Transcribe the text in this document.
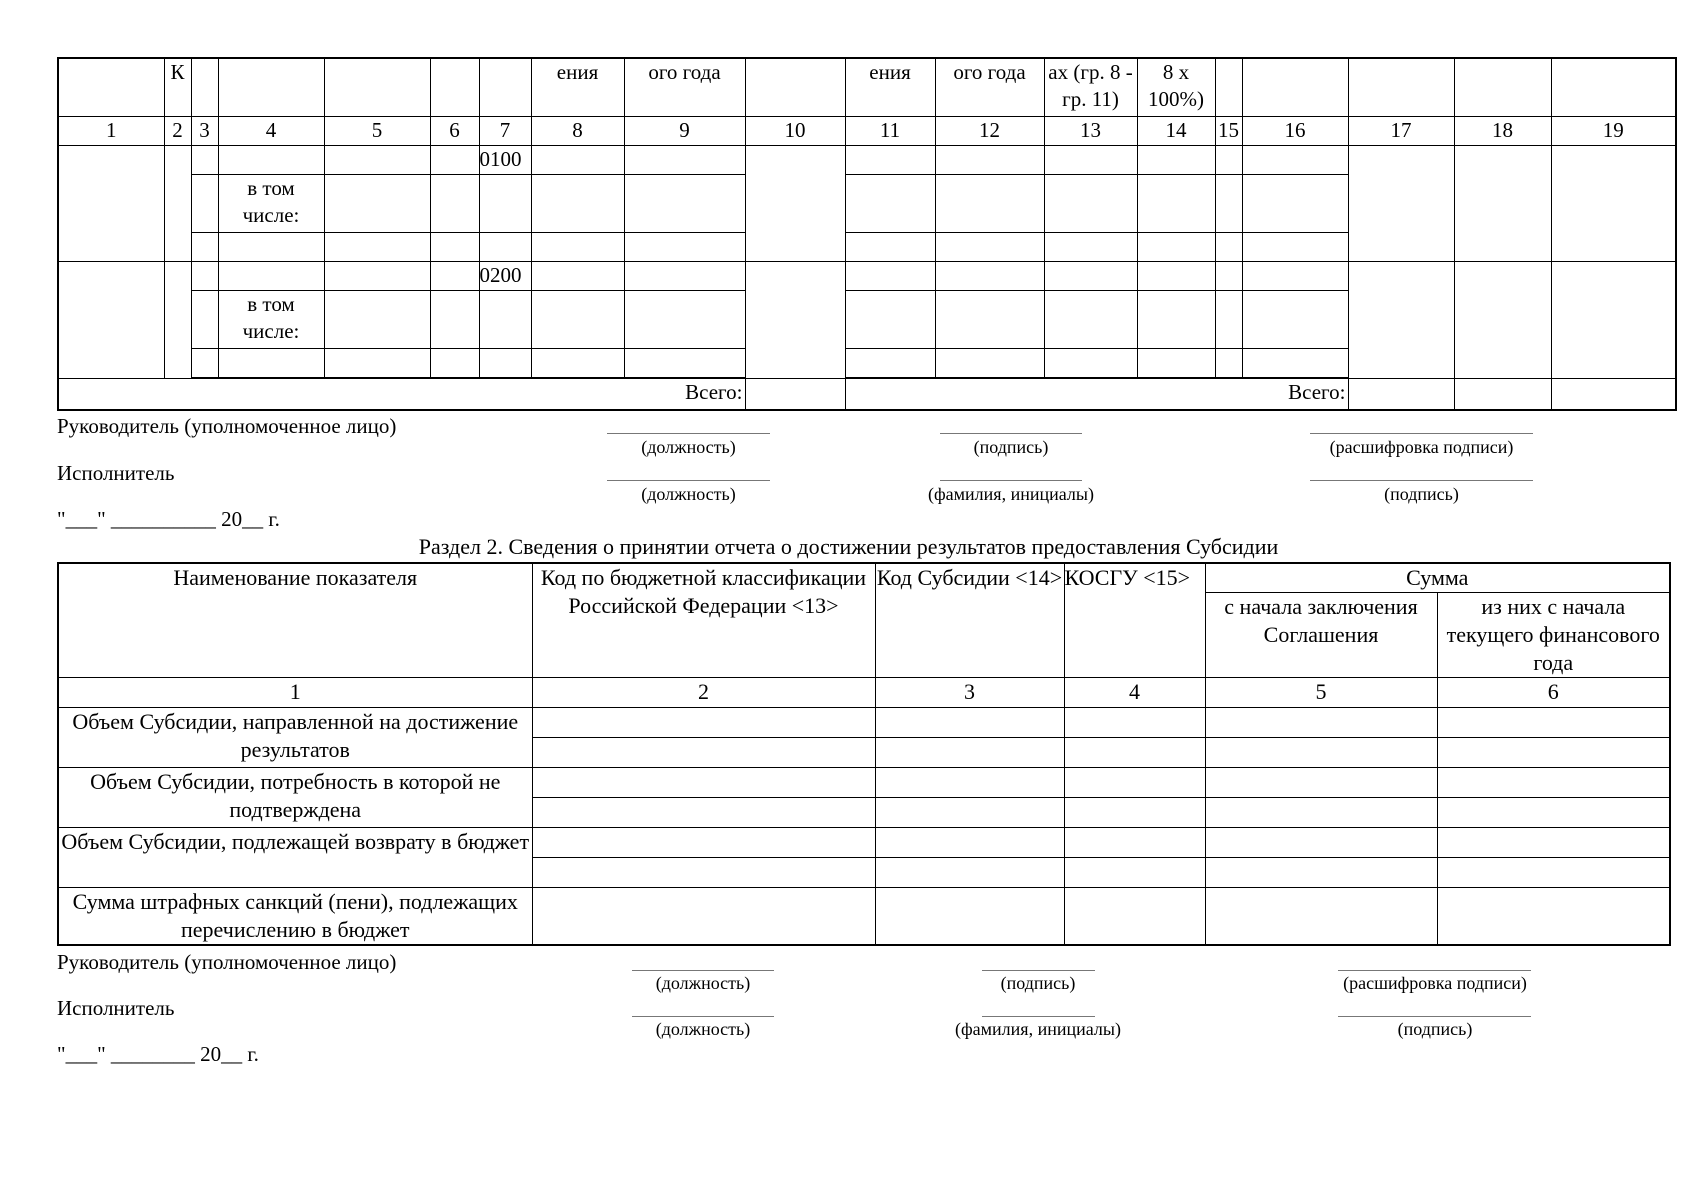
	К						ения	ого года		ения	ого года	ах (гр. 8 - гр. 11)	8 х 100%)					
1	2	3	4	5	6	7	8	9	10	11	12	13	14	15	16	17	18	19
						0100												
			в том числе:															

						0200												
			в том числе:															

Всего:										Всего:								
Руководитель (уполномоченное лицо)
(должность)	(подпись)	(расшифровка подписи)
Исполнитель
(должность)	(фамилия, инициалы)	(подпись)
"___" __________ 20__ г.
Раздел 2. Сведения о принятии отчета о достижении результатов предоставления Субсидии
Наименование показателя	Код по бюджетной классификации Российской Федерации <13>	Код Субсидии <14>	КОСГУ <15>	Сумма	
				с начала заключения Соглашения	из них с начала текущего финансового года
1	2	3	4	5	6
Объем Субсидии, направленной на достижение результатов					

Объем Субсидии, потребность в которой не подтверждена					

Объем Субсидии, подлежащей возврату в бюджет					

Сумма штрафных санкций (пени), подлежащих перечислению в бюджет					
Руководитель (уполномоченное лицо)
(должность)	(подпись)	(расшифровка подписи)
Исполнитель
(должность)	(фамилия, инициалы)	(подпись)
"___" ________ 20__ г.
